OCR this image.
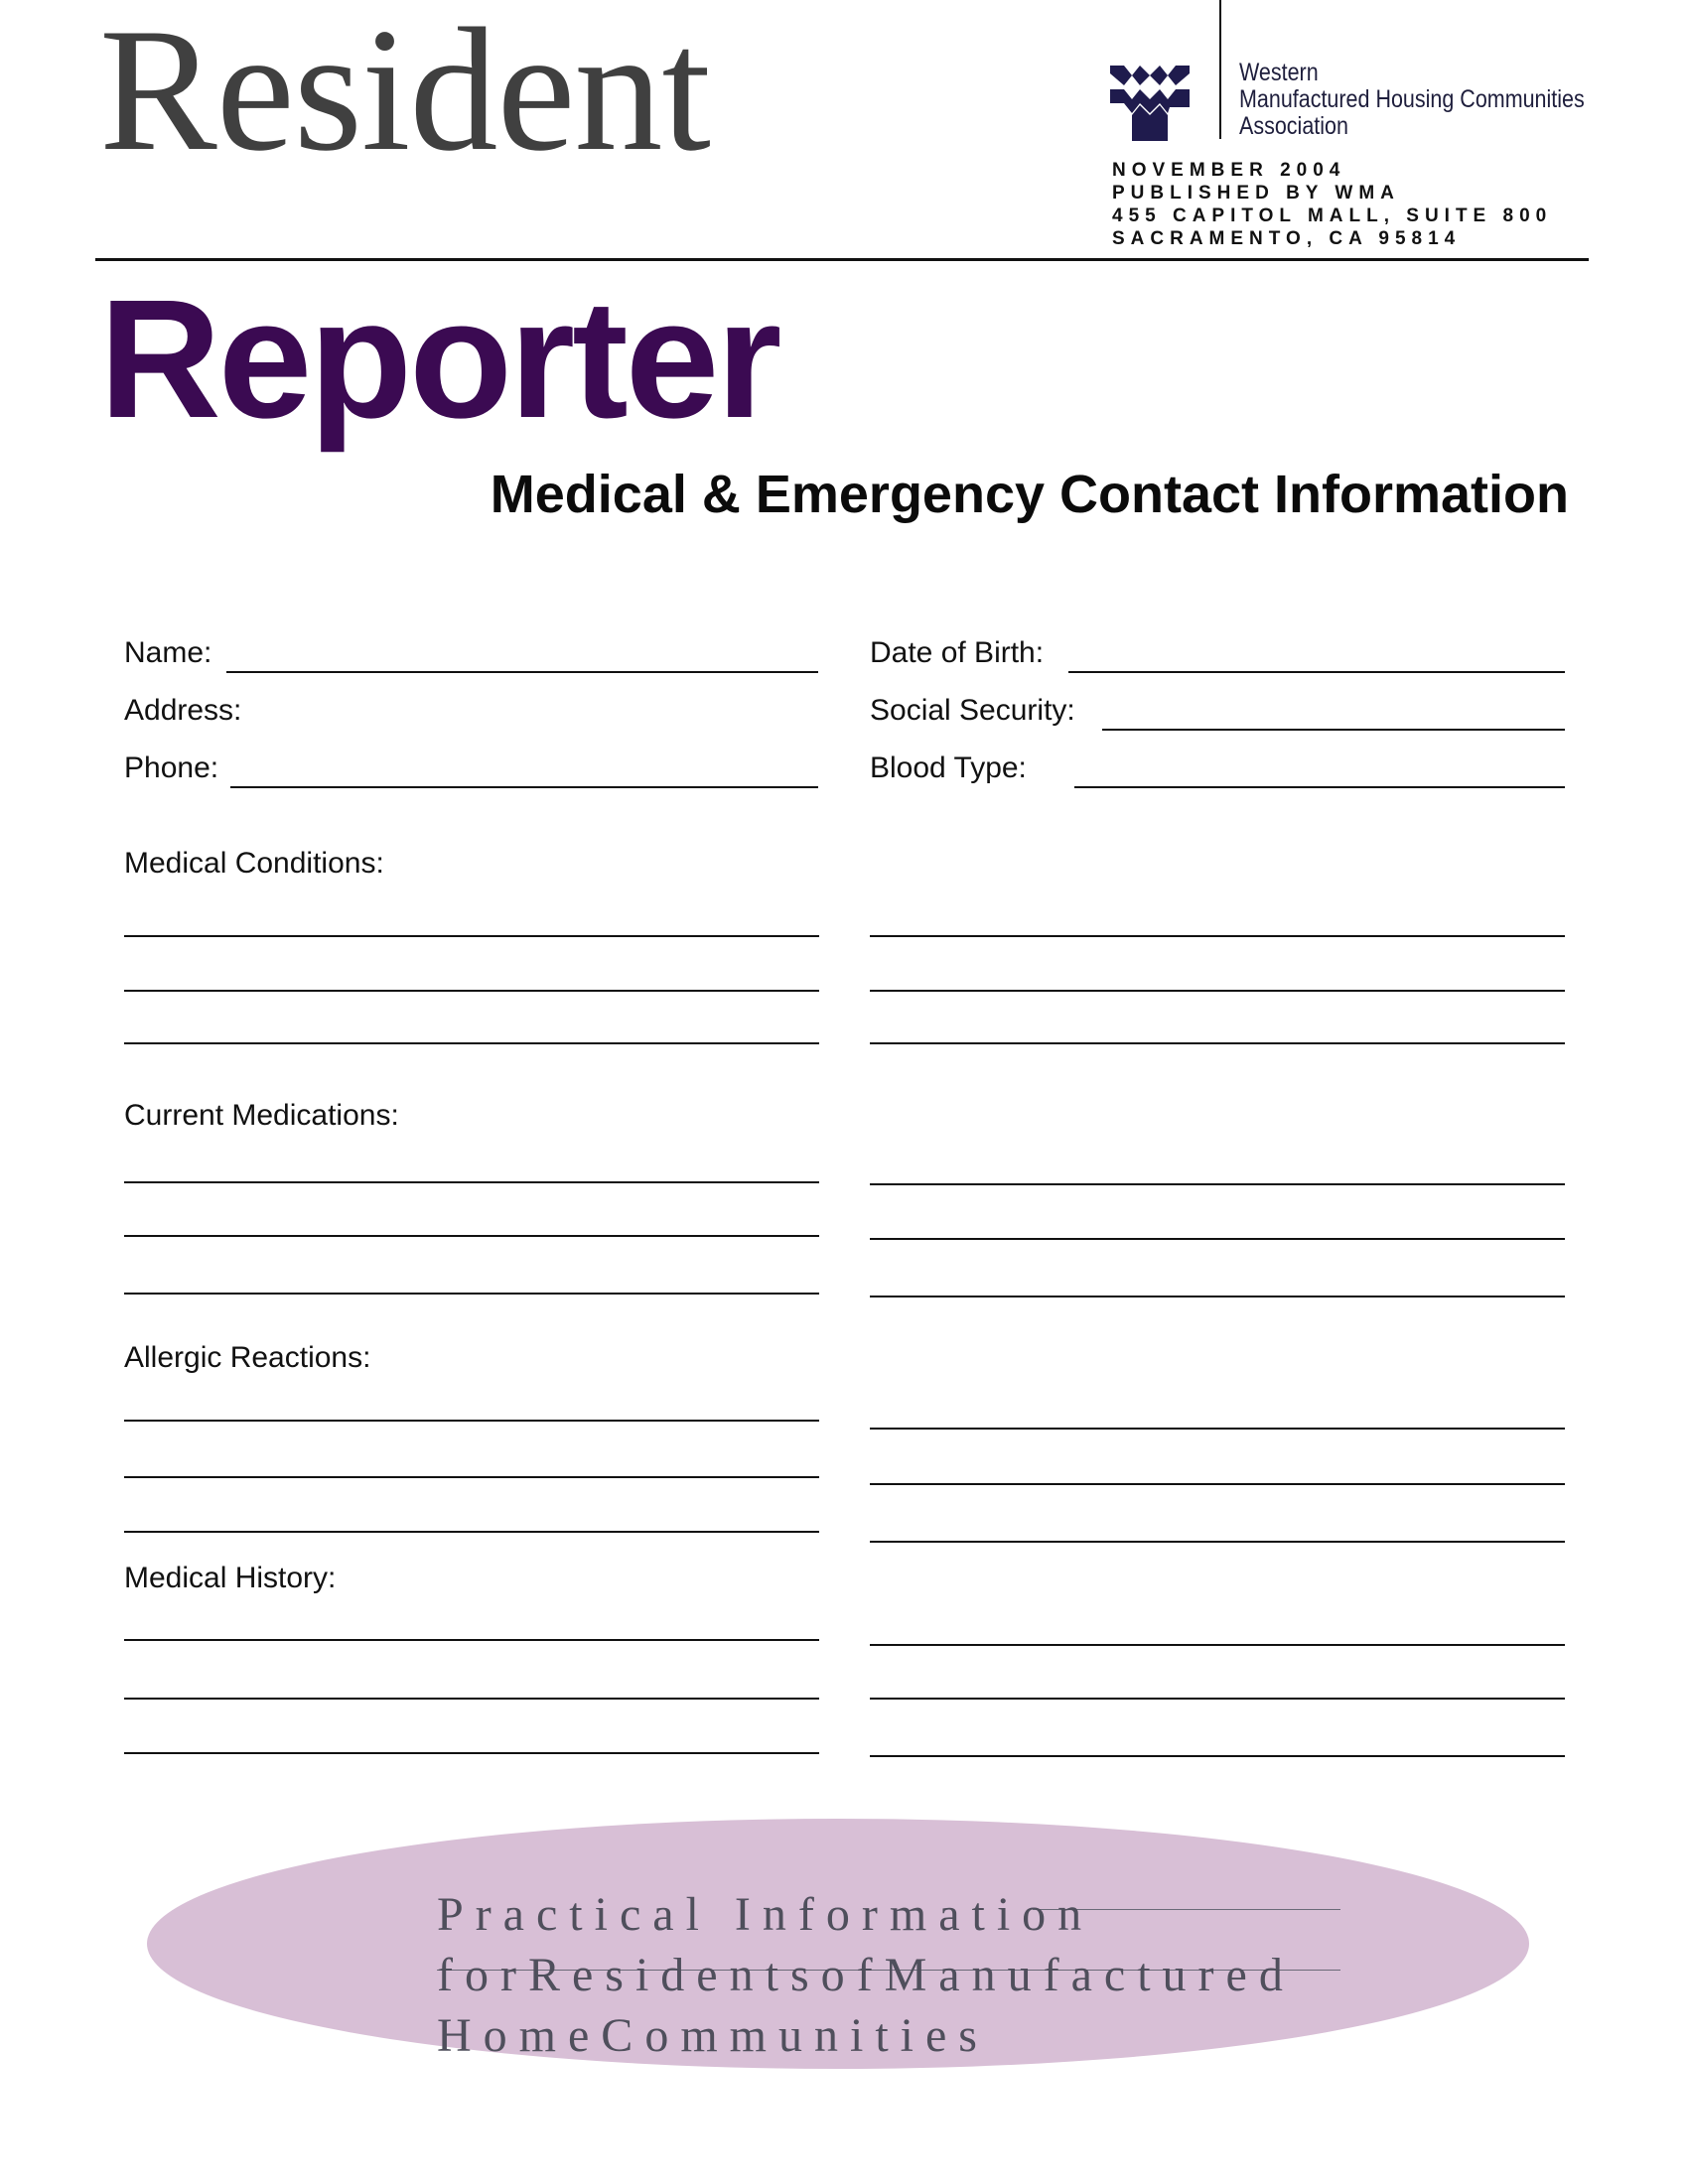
Resident	Western
Manufactured Housing Communities
Association
NOVEMBER 2004
PUBLISHED BY WMA
455 CAPITOL MALL, SUITE 800
SACRAMENTO, CA 95814
Reporter
Medical & Emergency Contact Information
Name:
Address:
Phone:
Date of Birth:
Social Security:
Blood Type:
Medical Conditions:
Current Medications:
Allergic Reactions:
Medical History:
Practical Information
forResidentsofManufactured
HomeCommunities
